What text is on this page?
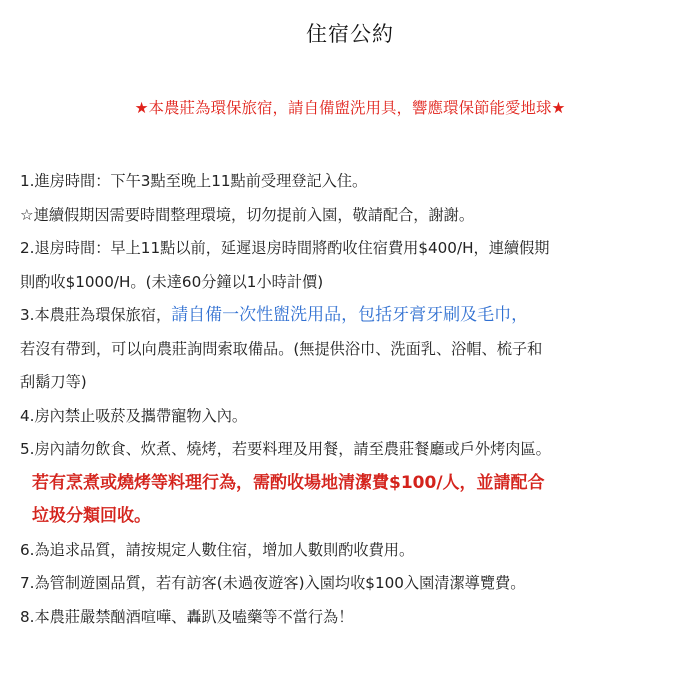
住宿公約
★本農莊為環保旅宿，請自備盥洗用具，響應環保節能愛地球★
1.進房時間：下午3點至晚上11點前受理登記入住。
☆連續假期因需要時間整理環境，切勿提前入園，敬請配合，謝謝。
2.退房時間：早上11點以前，延遲退房時間將酌收住宿費用$400/H，連續假期
則酌收$1000/H。(未達60分鐘以1小時計價)
3.本農莊為環保旅宿，請自備一次性盥洗用品，包括牙膏牙刷及毛巾，
若沒有帶到，可以向農莊詢問索取備品。(無提供浴巾、洗面乳、浴帽、梳子和
刮鬍刀等)
4.房內禁止吸菸及攜帶寵物入內。
5.房內請勿飲食、炊煮、燒烤，若要料理及用餐，請至農莊餐廳或戶外烤肉區。
若有烹煮或燒烤等料理行為，需酌收場地清潔費$100/人，並請配合
垃圾分類回收。
6.為追求品質，請按規定人數住宿，增加人數則酌收費用。
7.為管制遊園品質，若有訪客(未過夜遊客)入園均收$100入園清潔導覽費。
8.本農莊嚴禁酗酒喧嘩、轟趴及嗑藥等不當行為！
